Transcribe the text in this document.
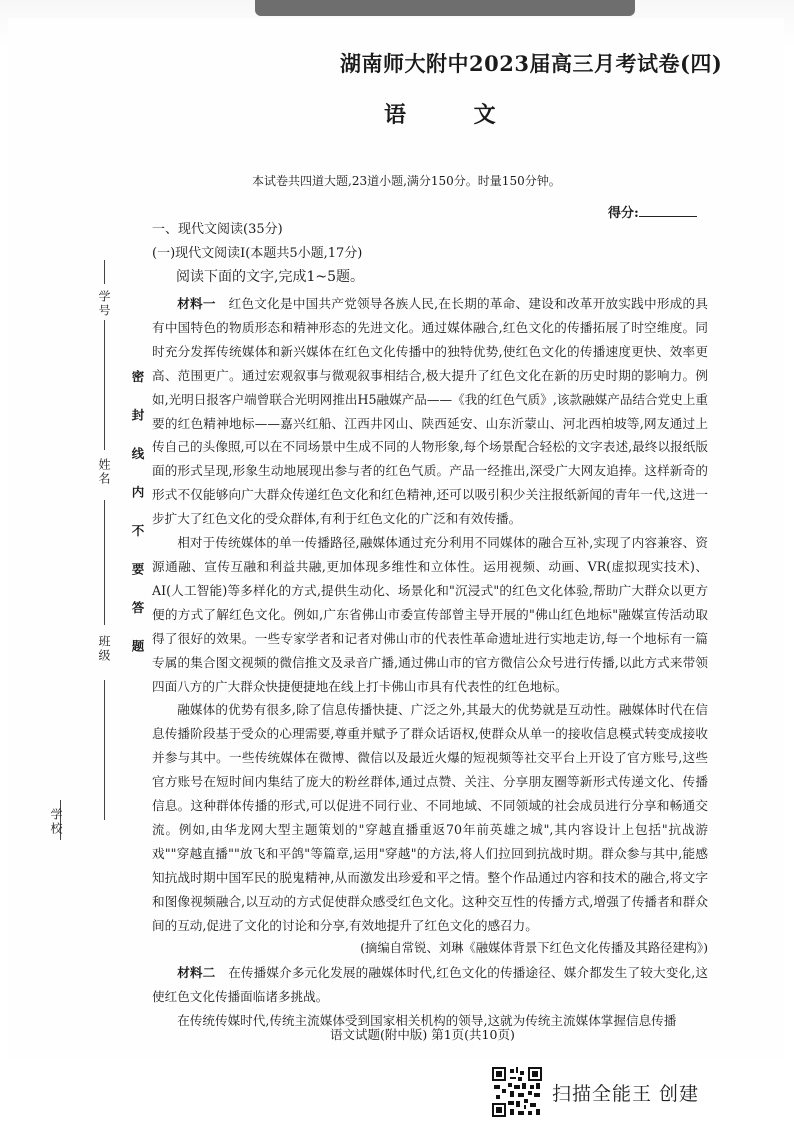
湖南师大附中2023届高三月考试卷(四)
语 文
本试卷共四道大题,23道小题,满分150分。时量150分钟。
得分:
学号
姓名
班级
学校
密封线内不要答题
一、现代文阅读(35分)
(一)现代文阅读Ⅰ(本题共5小题,17分)
阅读下面的文字,完成1~5题。

材料一　 红色文化是中国共产党领导各族人民,在长期的革命、建设和改革开放实践中形成的具有中国特色的物质形态和精神形态的先进文化。通过媒体融合,红色文化的传播拓展了时空维度。同时充分发挥传统媒体和新兴媒体在红色文化传播中的独特优势,使红色文化的传播速度更快、效率更高、范围更广。通过宏观叙事与微观叙事相结合,极大提升了红色文化在新的历史时期的影响力。例如,光明日报客户端曾联合光明网推出H5融媒产品——《我的红色气质》,该款融媒产品结合党史上重要的红色精神地标——嘉兴红船、江西井冈山、陕西延安、山东沂蒙山、河北西柏坡等,网友通过上传自己的头像照,可以在不同场景中生成不同的人物形象,每个场景配合轻松的文字表述,最终以报纸版面的形式呈现,形象生动地展现出参与者的红色气质。产品一经推出,深受广大网友追捧。这样新奇的形式不仅能够向广大群众传递红色文化和红色精神,还可以吸引积少关注报纸新闻的青年一代,这进一步扩大了红色文化的受众群体,有利于红色文化的广泛和有效传播。

相对于传统媒体的单一传播路径,融媒体通过充分利用不同媒体的融合互补,实现了内容兼容、资源通融、宣传互融和利益共融,更加体现多维性和立体性。运用视频、动画、VR(虚拟现实技术)、AI(人工智能)等多样化的方式,提供生动化、场景化和"沉浸式"的红色文化体验,帮助广大群众以更方便的方式了解红色文化。例如,广东省佛山市委宣传部曾主导开展的"佛山红色地标"融媒宣传活动取得了很好的效果。一些专家学者和记者对佛山市的代表性革命遗址进行实地走访,每一个地标有一篇专属的集合图文视频的微信推文及录音广播,通过佛山市的官方微信公众号进行传播,以此方式来带领四面八方的广大群众快捷便捷地在线上打卡佛山市具有代表性的红色地标。

融媒体的优势有很多,除了信息传播快捷、广泛之外,其最大的优势就是互动性。融媒体时代在信息传播阶段基于受众的心理需要,尊重并赋予了群众话语权,使群众从单一的接收信息模式转变成接收并参与其中。一些传统媒体在微博、微信以及最近火爆的短视频等社交平台上开设了官方账号,这些官方账号在短时间内集结了庞大的粉丝群体,通过点赞、关注、分享朋友圈等新形式传递文化、传播信息。这种群体传播的形式,可以促进不同行业、不同地域、不同领域的社会成员进行分享和畅通交流。例如,由华龙网大型主题策划的"穿越直播重返70年前英雄之城",其内容设计上包括"抗战游戏""穿越直播""放飞和平鸽"等篇章,运用"穿越"的方法,将人们拉回到抗战时期。群众参与其中,能感知抗战时期中国军民的脱鬼精神,从而激发出珍爱和平之情。整个作品通过内容和技术的融合,将文字和图像视频融合,以互动的方式促使群众感受红色文化。这种交互性的传播方式,增强了传播者和群众间的互动,促进了文化的讨论和分享,有效地提升了红色文化的感召力。

(摘编自常锐、刘琳《融媒体背景下红色文化传播及其路径建构》)

材料二　 在传播媒介多元化发展的融媒体时代,红色文化的传播途径、媒介都发生了较大变化,这使红色文化传播面临诸多挑战。

在传统传媒时代,传统主流媒体受到国家相关机构的领导,这就为传统主流媒体掌握信息传播

语文试题(附中版) 第1页(共10页)
扫描全能王 创建
